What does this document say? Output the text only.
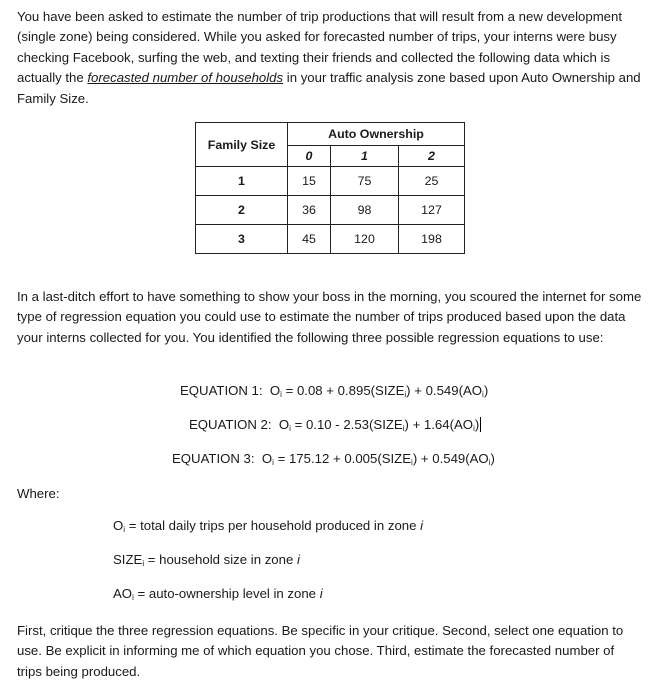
You have been asked to estimate the number of trip productions that will result from a new development (single zone) being considered. While you asked for forecasted number of trips, your interns were busy checking Facebook, surfing the web, and texting their friends and collected the following data which is actually the forecasted number of households in your traffic analysis zone based upon Auto Ownership and Family Size.

Family Size	Auto Ownership		
	0	1	2
1	15	75	25
2	36	98	127
3	45	120	198

In a last-ditch effort to have something to show your boss in the morning, you scoured the internet for some type of regression equation you could use to estimate the number of trips produced based upon the data your interns collected for you. You identified the following three possible regression equations to use:

EQUATION 1: $O_i = 0.08$ + $0.895(SIZE_i) + 0.549(AO_i)$
EQUATION 2: $O_i = 0.10$ - $2.53(SIZE_i) + 1.64(AO_i)$
EQUATION 3: $O_i = 175.12$ + $0.005(SIZE_i) + 0.549(AO_i)$
Where:
$O_i$ = total daily trips per household produced in zone i
$SIZE_i$ = household size in zone i
$AO_i$ = auto-ownership level in zone i

First, critique the three regression equations. Be specific in your critique. Second, select one equation to use. Be explicit in informing me of which equation you chose. Third, estimate the forecasted number of trips being produced.
